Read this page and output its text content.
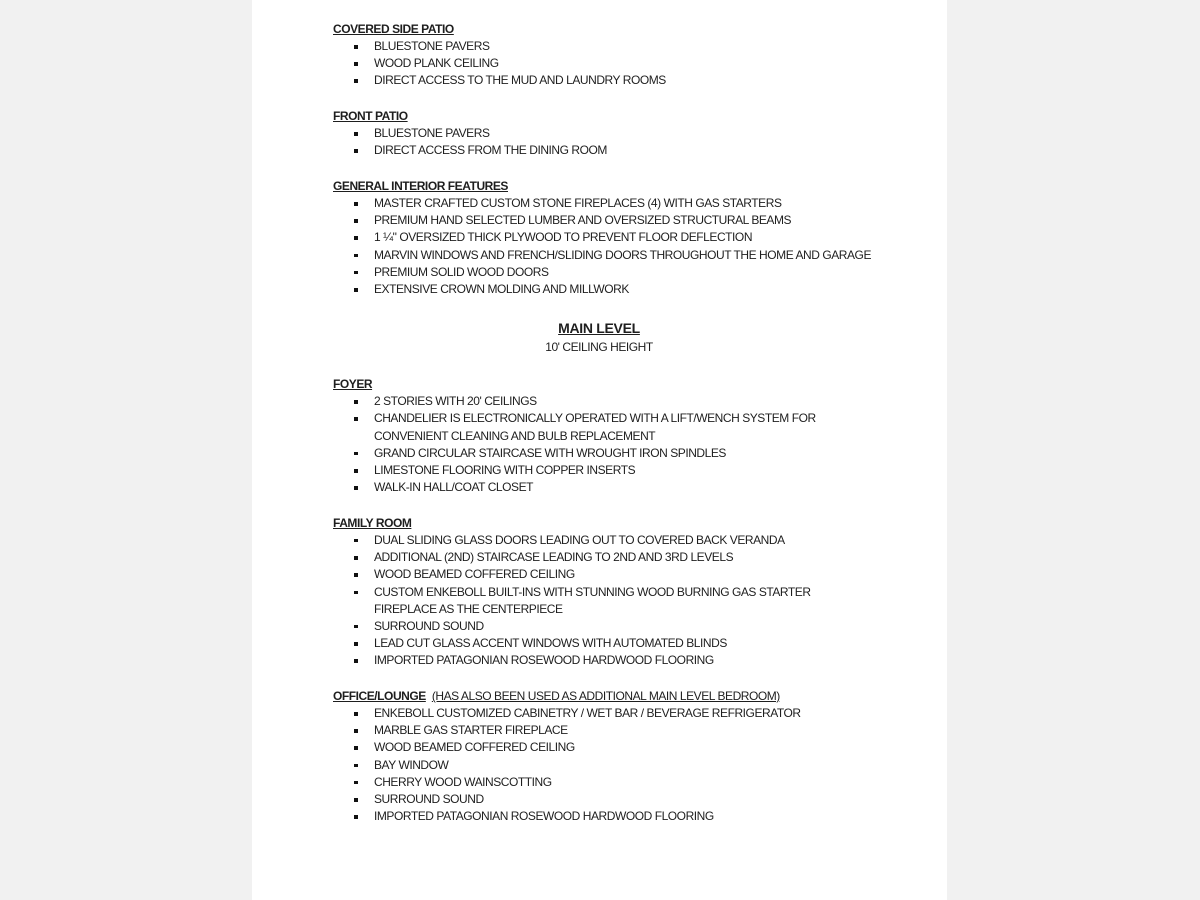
COVERED SIDE PATIO
BLUESTONE PAVERS
WOOD PLANK CEILING
DIRECT ACCESS TO THE MUD AND LAUNDRY ROOMS
FRONT PATIO
BLUESTONE PAVERS
DIRECT ACCESS FROM THE DINING ROOM
GENERAL INTERIOR FEATURES
MASTER CRAFTED CUSTOM STONE FIREPLACES (4) WITH GAS STARTERS
PREMIUM HAND SELECTED LUMBER AND OVERSIZED STRUCTURAL BEAMS
1 ¼" OVERSIZED THICK PLYWOOD TO PREVENT FLOOR DEFLECTION
MARVIN WINDOWS AND FRENCH/SLIDING DOORS THROUGHOUT THE HOME AND GARAGE
PREMIUM SOLID WOOD DOORS
EXTENSIVE CROWN MOLDING AND MILLWORK
MAIN LEVEL
10' CEILING HEIGHT
FOYER
2 STORIES WITH 20' CEILINGS
CHANDELIER IS ELECTRONICALLY OPERATED WITH A LIFT/WENCH SYSTEM FOR CONVENIENT CLEANING AND BULB REPLACEMENT
GRAND CIRCULAR STAIRCASE WITH WROUGHT IRON SPINDLES
LIMESTONE FLOORING WITH COPPER INSERTS
WALK-IN HALL/COAT CLOSET
FAMILY ROOM
DUAL SLIDING GLASS DOORS LEADING OUT TO COVERED BACK VERANDA
ADDITIONAL (2ND) STAIRCASE LEADING TO 2ND AND 3RD LEVELS
WOOD BEAMED COFFERED CEILING
CUSTOM ENKEBOLL BUILT-INS WITH STUNNING WOOD BURNING GAS STARTER FIREPLACE AS THE CENTERPIECE
SURROUND SOUND
LEAD CUT GLASS ACCENT WINDOWS WITH AUTOMATED BLINDS
IMPORTED PATAGONIAN ROSEWOOD HARDWOOD FLOORING
OFFICE/LOUNGE (HAS ALSO BEEN USED AS ADDITIONAL MAIN LEVEL BEDROOM)
ENKEBOLL CUSTOMIZED CABINETRY / WET BAR / BEVERAGE REFRIGERATOR
MARBLE GAS STARTER FIREPLACE
WOOD BEAMED COFFERED CEILING
BAY WINDOW
CHERRY WOOD WAINSCOTTING
SURROUND SOUND
IMPORTED PATAGONIAN ROSEWOOD HARDWOOD FLOORING
